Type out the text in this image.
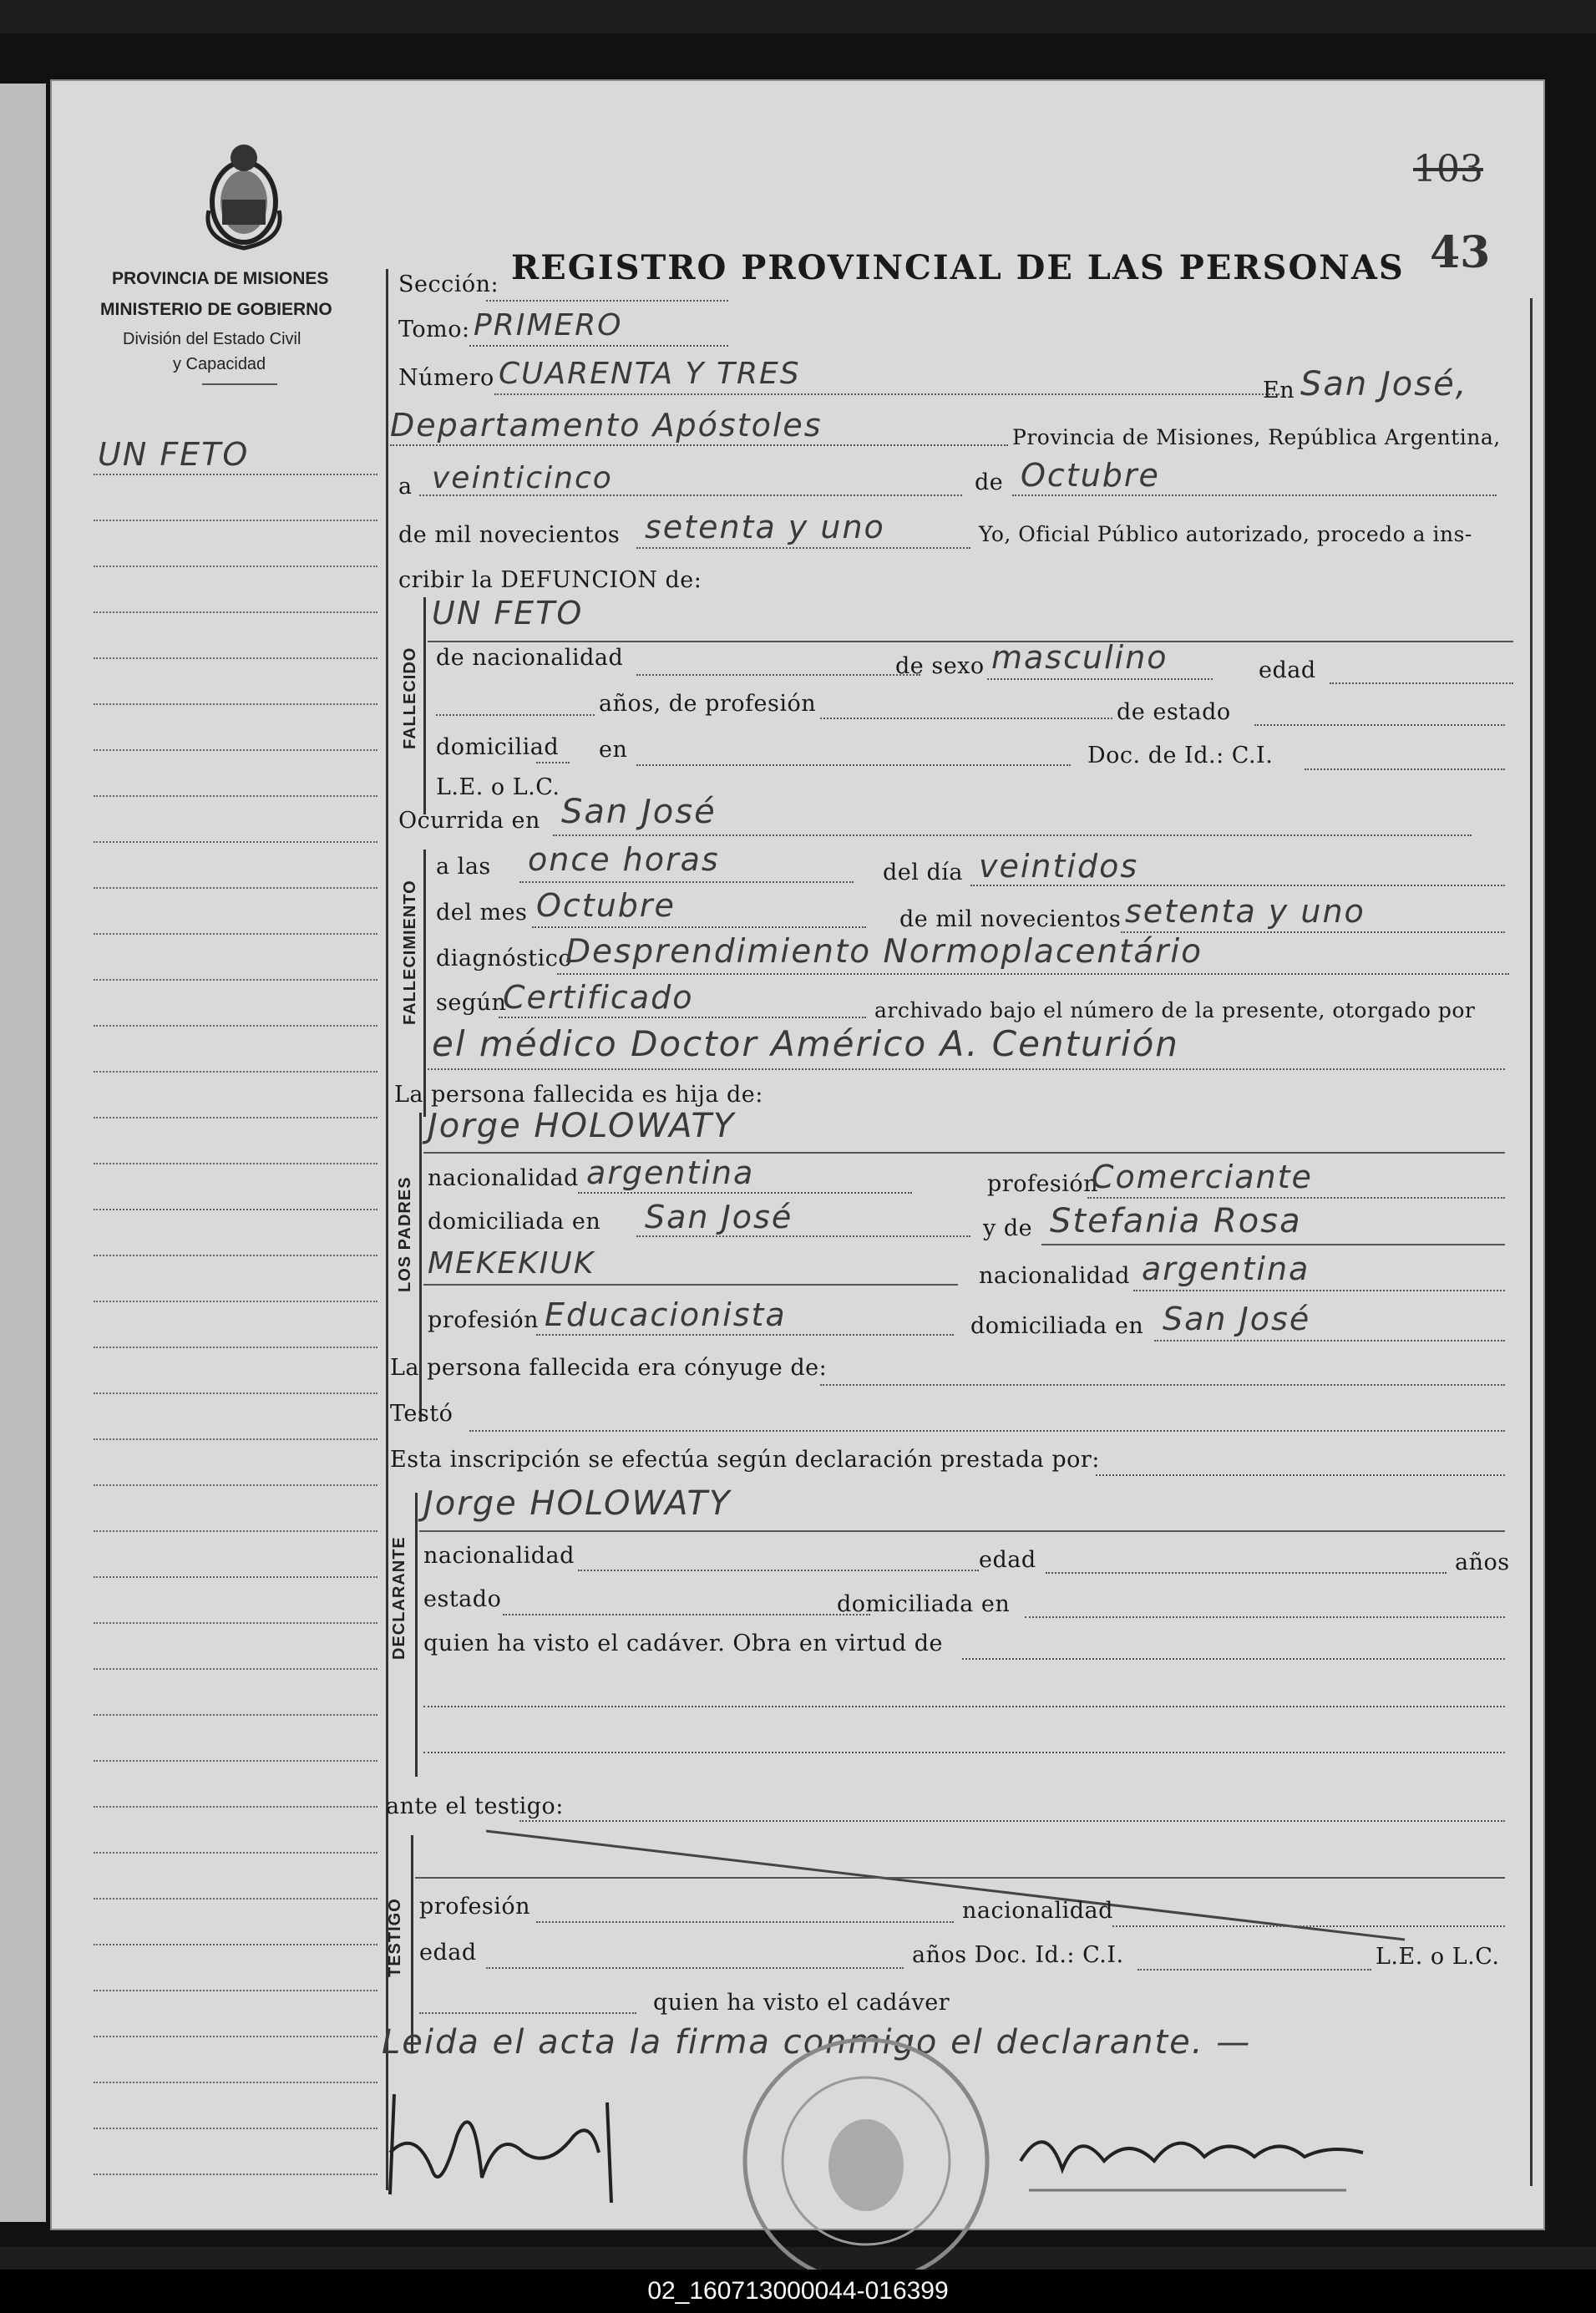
PROVINCIA DE MISIONES
MINISTERIO DE GOBIERNO
División del Estado Civil
y Capacidad
REGISTRO PROVINCIAL DE LAS PERSONAS
103
43
UN FETO
Sección:
Tomo: PRIMERO
Número CUARENTA Y TRES	En San José,
Departamento Apóstoles	Provincia de Misiones, República Argentina,
a veinticinco	de Octubre
de mil novecientos setenta y uno	Yo, Oficial Público autorizado, procedo a ins-
cribir la DEFUNCION de:
FALLECIDO
UN FETO
de nacionalidad	de sexo masculino	edad
años, de profesión	de estado
domiciliad en	Doc. de Id.: C.I.
L.E. o L.C.
Ocurrida en San José
FALLECIMIENTO
a las once horas	del día veintidos
del mes Octubre	de mil novecientos setenta y uno
diagnóstico
Desprendimiento Normoplacentário
según
Certificado	archivado bajo el número de la presente, otorgado por
el médico Doctor Américo A. Centurión
La persona fallecida es hija de:
LOS PADRES
Jorge HOLOWATY
nacionalidad argentina	profesión
Comerciante
domiciliada en San José	y de Stefania Rosa
MEKEKIUK	nacionalidad argentina
profesión Educacionista	domiciliada en San José
La persona fallecida era cónyuge de:
Testó
Esta inscripción se efectúa según declaración prestada por:
DECLARANTE
Jorge HOLOWATY
nacionalidad	edad	años
estado	domiciliada en
quien ha visto el cadáver. Obra en virtud de
ante el testigo:
TESTIGO profesión	nacionalidad
edad	años Doc. Id.: C.I.	L.E. o L.C.
quien ha visto el cadáver
Leida el acta la firma conmigo el declarante. —
02_160713000044-016399
